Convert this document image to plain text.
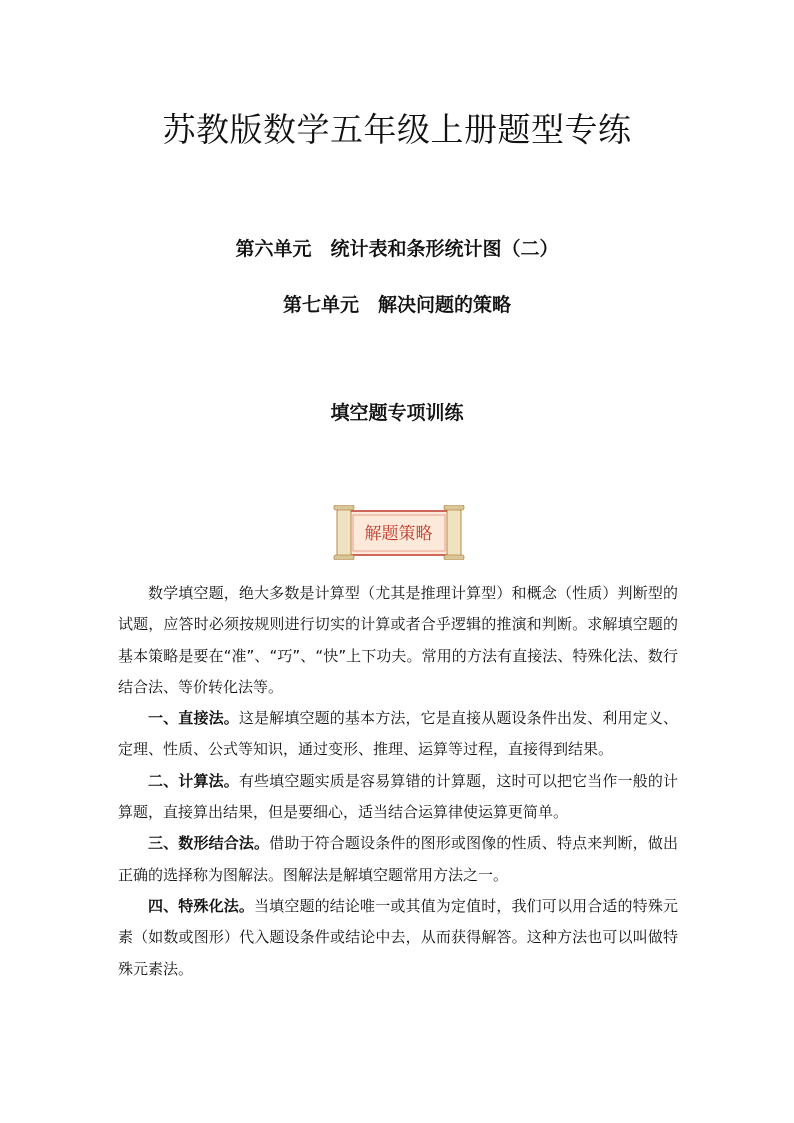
苏教版数学五年级上册题型专练
第六单元　统计表和条形统计图（二）
第七单元　解决问题的策略
填空题专项训练
解题策略

数学填空题，绝大多数是计算型（尤其是推理计算型）和概念（性质）判断型的试题，应答时必须按规则进行切实的计算或者合乎逻辑的推演和判断。求解填空题的基本策略是要在“准”、“巧”、“快”上下功夫。常用的方法有直接法、特殊化法、数行结合法、等价转化法等。

一、直接法。这是解填空题的基本方法，它是直接从题设条件出发、利用定义、定理、性质、公式等知识，通过变形、推理、运算等过程，直接得到结果。

二、计算法。有些填空题实质是容易算错的计算题，这时可以把它当作一般的计算题，直接算出结果，但是要细心，适当结合运算律使运算更简单。

三、数形结合法。借助于符合题设条件的图形或图像的性质、特点来判断，做出正确的选择称为图解法。图解法是解填空题常用方法之一。

四、特殊化法。当填空题的结论唯一或其值为定值时，我们可以用合适的特殊元素（如数或图形）代入题设条件或结论中去，从而获得解答。这种方法也可以叫做特殊元素法。
